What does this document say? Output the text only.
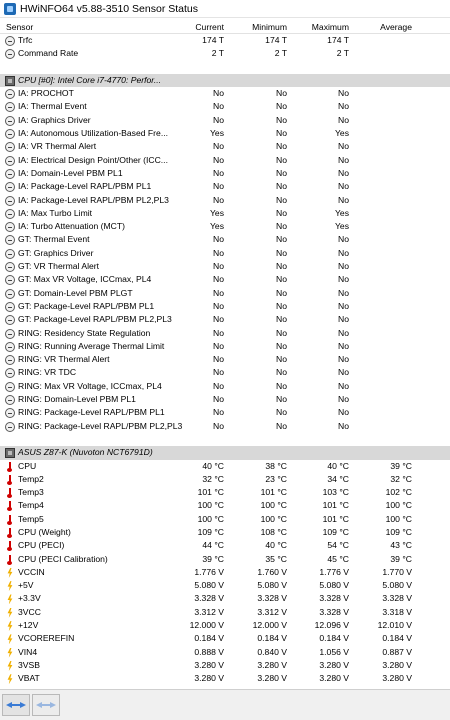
HWiNFO64 v5.88-3510 Sensor Status
Sensor	Current	Minimum	Maximum	Average
Trfc	174 T	174 T	174 T
Command Rate	2 T	2 T	2 T
CPU [#0]: Intel Core i7-4770: Perfor...
IA: PROCHOT	No	No	No
IA: Thermal Event	No	No	No
IA: Graphics Driver	No	No	No
IA: Autonomous Utilization-Based Fre...	Yes	No	Yes
IA: VR Thermal Alert	No	No	No
IA: Electrical Design Point/Other (ICC...	No	No	No
IA: Domain-Level PBM PL1	No	No	No
IA: Package-Level RAPL/PBM PL1	No	No	No
IA: Package-Level RAPL/PBM PL2,PL3	No	No	No
IA: Max Turbo Limit	Yes	No	Yes
IA: Turbo Attenuation (MCT)	Yes	No	Yes
GT: Thermal Event	No	No	No
GT: Graphics Driver	No	No	No
GT: VR Thermal Alert	No	No	No
GT: Max VR Voltage, ICCmax, PL4	No	No	No
GT: Domain-Level PBM PLGT	No	No	No
GT: Package-Level RAPL/PBM PL1	No	No	No
GT: Package-Level RAPL/PBM PL2,PL3	No	No	No
RING: Residency State Regulation	No	No	No
RING: Running Average Thermal Limit	No	No	No
RING: VR Thermal Alert	No	No	No
RING: VR TDC	No	No	No
RING: Max VR Voltage, ICCmax, PL4	No	No	No
RING: Domain-Level PBM PL1	No	No	No
RING: Package-Level RAPL/PBM PL1	No	No	No
RING: Package-Level RAPL/PBM PL2,PL3	No	No	No
ASUS Z87-K (Nuvoton NCT6791D)
CPU	40 °C	38 °C	40 °C	39 °C
Temp2	32 °C	23 °C	34 °C	32 °C
Temp3	101 °C	101 °C	103 °C	102 °C
Temp4	100 °C	100 °C	101 °C	100 °C
Temp5	100 °C	100 °C	101 °C	100 °C
CPU (Weight)	109 °C	108 °C	109 °C	109 °C
CPU (PECI)	44 °C	40 °C	54 °C	43 °C
CPU (PECI Calibration)	39 °C	35 °C	45 °C	39 °C
VCCIN	1.776 V	1.760 V	1.776 V	1.770 V
+5V	5.080 V	5.080 V	5.080 V	5.080 V
+3.3V	3.328 V	3.328 V	3.328 V	3.328 V
3VCC	3.312 V	3.312 V	3.328 V	3.318 V
+12V	12.000 V	12.000 V	12.096 V	12.010 V
VCOREREFIN	0.184 V	0.184 V	0.184 V	0.184 V
VIN4	0.888 V	0.840 V	1.056 V	0.887 V
3VSB	3.280 V	3.280 V	3.280 V	3.280 V
VBAT	3.280 V	3.280 V	3.280 V	3.280 V
